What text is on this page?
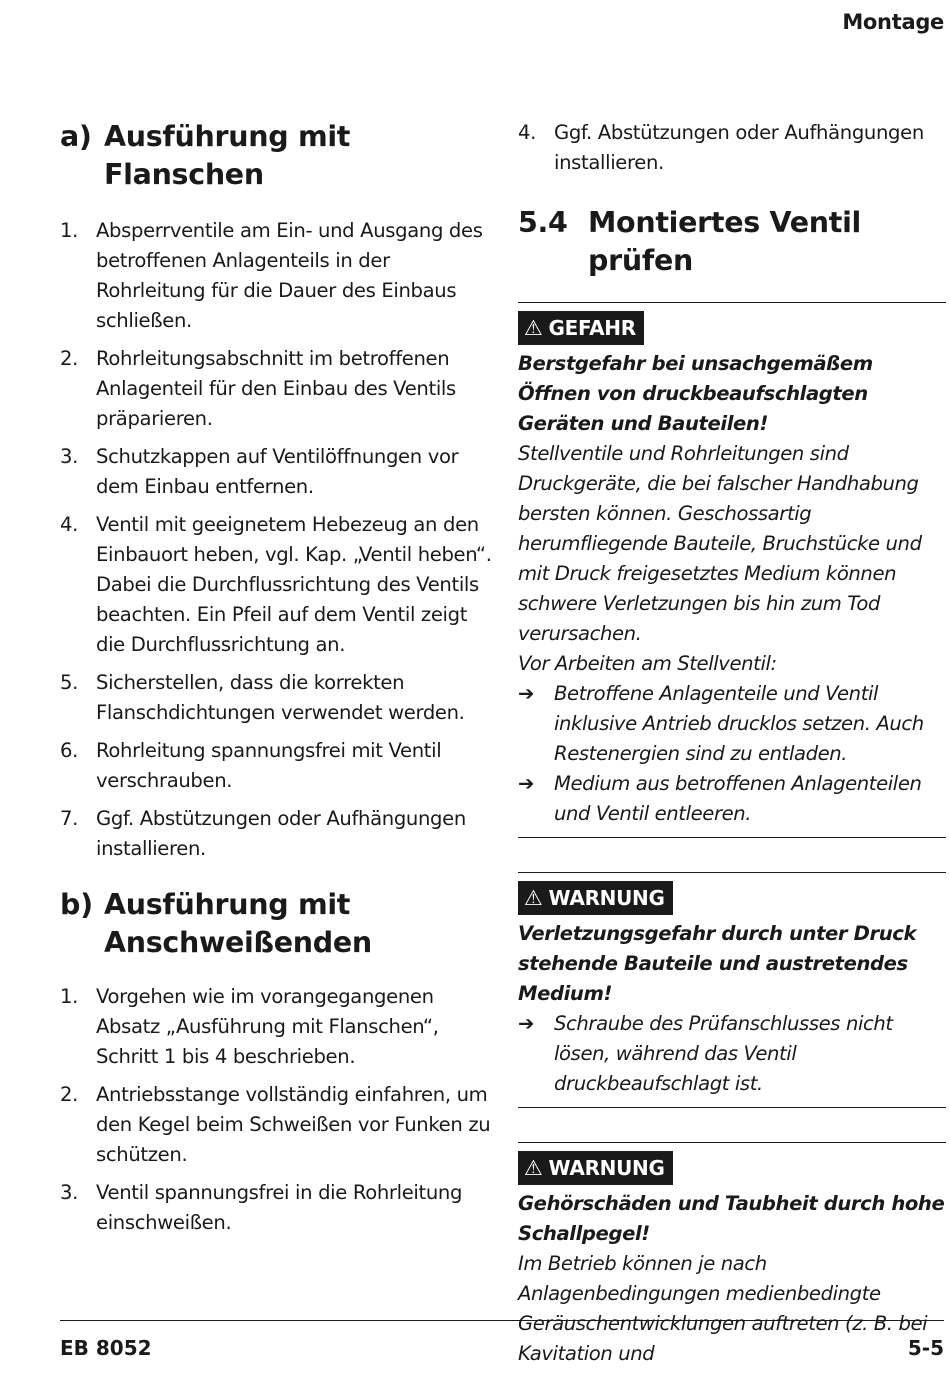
Montage
a) Ausführung mit Flanschen
1. Absperrventile am Ein- und Ausgang des betroffenen Anlagenteils in der Rohrleitung für die Dauer des Einbaus schließen.
2. Rohrleitungsabschnitt im betroffenen Anlagenteil für den Einbau des Ventils präparieren.
3. Schutzkappen auf Ventilöffnungen vor dem Einbau entfernen.
4. Ventil mit geeignetem Hebezeug an den Einbauort heben, vgl. Kap. „Ventil heben“. Dabei die Durchflussrichtung des Ventils beachten. Ein Pfeil auf dem Ventil zeigt die Durchflussrichtung an.
5. Sicherstellen, dass die korrekten Flanschdichtungen verwendet werden.
6. Rohrleitung spannungsfrei mit Ventil verschrauben.
7. Ggf. Abstützungen oder Aufhängungen installieren.
b) Ausführung mit Anschweißenden
1. Vorgehen wie im vorangegangenen Absatz „Ausführung mit Flanschen“, Schritt 1 bis 4 beschrieben.
2. Antriebsstange vollständig einfahren, um den Kegel beim Schweißen vor Funken zu schützen.
3. Ventil spannungsfrei in die Rohrleitung einschweißen.
4. Ggf. Abstützungen oder Aufhängungen installieren.
5.4 Montiertes Ventil prüfen
⚠ GEFAHR

Berstgefahr bei unsachgemäßem Öffnen von druckbeaufschlagten Geräten und Bauteilen!

Stellventile und Rohrleitungen sind Druckgeräte, die bei falscher Handhabung bersten können. Geschossartig herumfliegende Bauteile, Bruchstücke und mit Druck freigesetztes Medium können schwere Verletzungen bis hin zum Tod verursachen.

Vor Arbeiten am Stellventil:

➔	Betroffene Anlagenteile und Ventil inklusive Antrieb drucklos setzen. Auch Restenergien sind zu entladen.
➔	Medium aus betroffenen Anlagenteilen und Ventil entleeren.
⚠ WARNUNG

Verletzungsgefahr durch unter Druck stehende Bauteile und austretendes Medium!

➔	Schraube des Prüfanschlusses nicht lösen, während das Ventil druckbeaufschlagt ist.
⚠ WARNUNG

Gehörschäden und Taubheit durch hohe Schallpegel!

Im Betrieb können je nach Anlagenbedingungen medienbedingte Geräuschentwicklungen auftreten (z. B. bei Kavitation und

EB 8052	5-5
